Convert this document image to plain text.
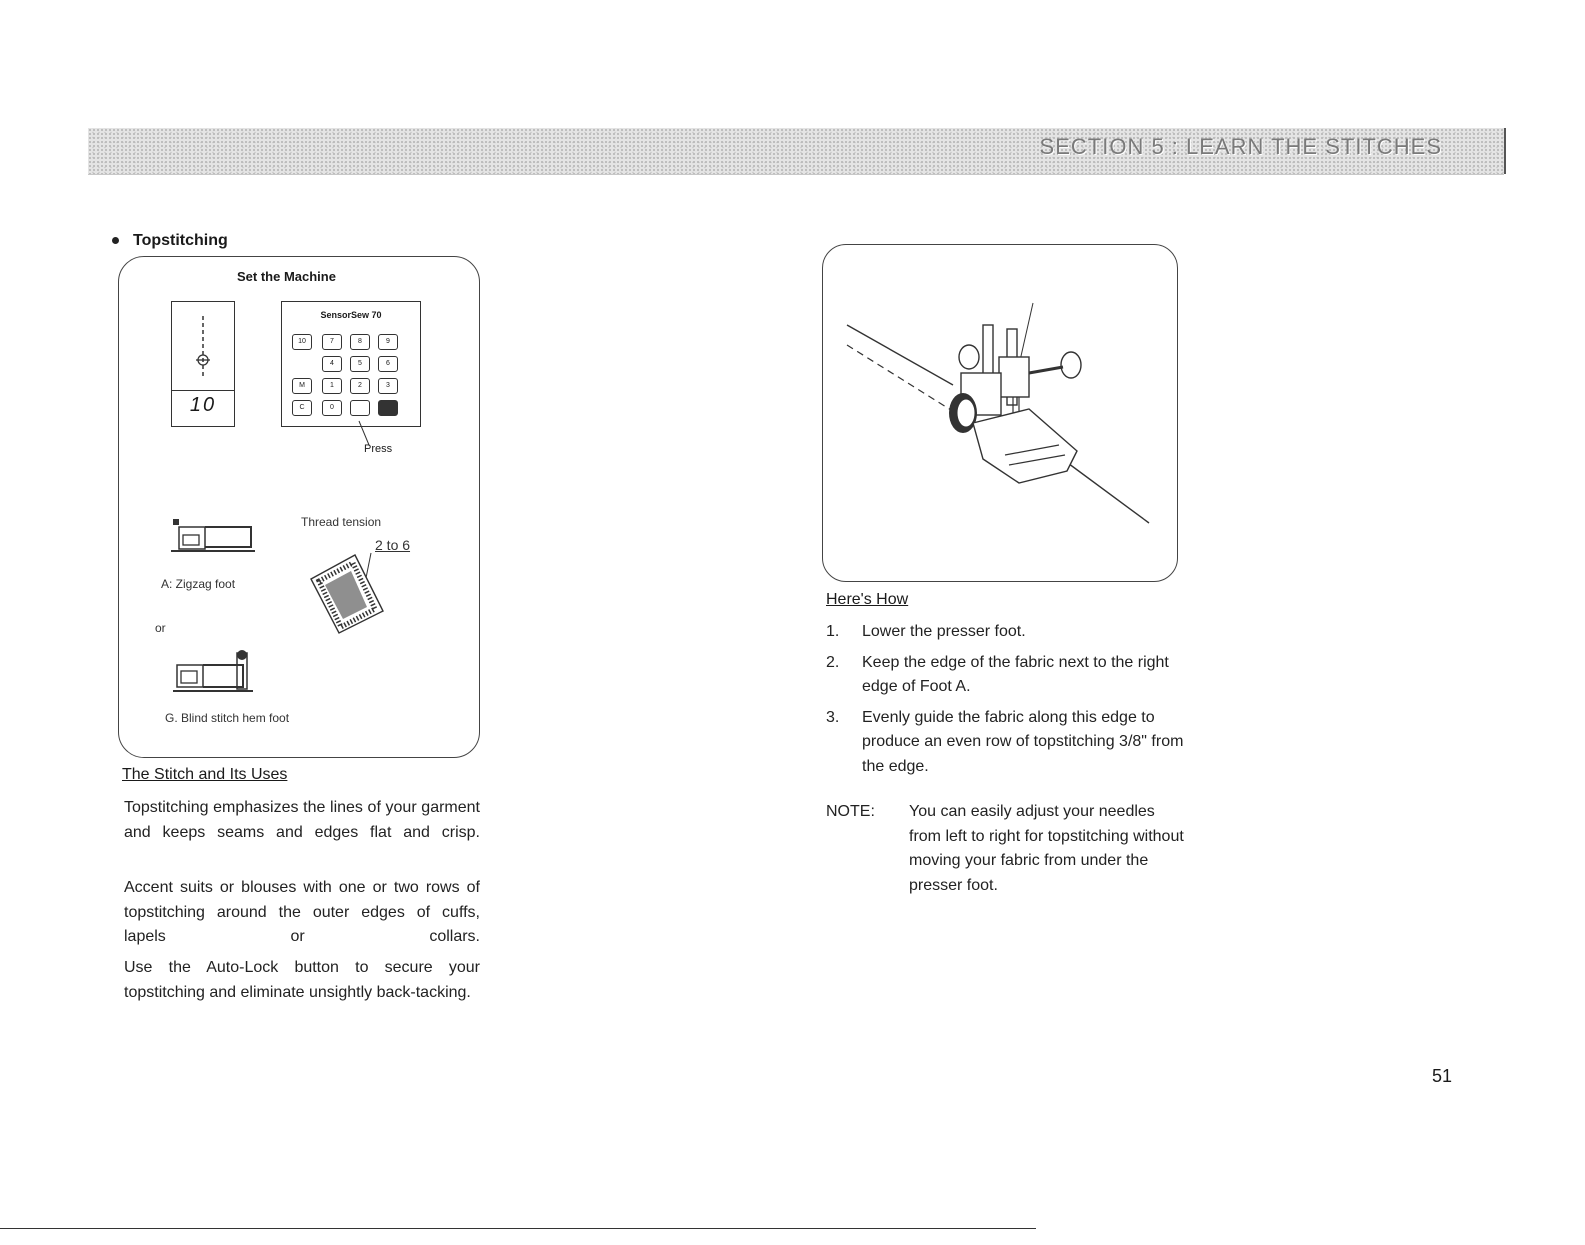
SECTION 5 : LEARN THE STITCHES
Topstitching
Set the Machine
10
SensorSew 70
10	7	8	9
4	5	6
M	1	2	3
C	0
Press
A: Zigzag foot
or
Thread tension
2 to 6
G. Blind stitch hem foot
The Stitch and Its Uses

Topstitching emphasizes the lines of your garment and keeps seams and edges flat and crisp.

Accent suits or blouses with one or two rows of topstitching around the outer edges of cuffs, lapels or collars.

Use the Auto-Lock button to secure your topstitching and eliminate unsightly back-tacking.

Here's How
1. Lower the presser foot.
2. Keep the edge of the fabric next to the right edge of Foot A.
3. Evenly guide the fabric along this edge to produce an even row of topstitching 3/8" from the edge.
NOTE: You can easily adjust your needles from left to right for topstitching without moving your fabric from under the presser foot.
51
